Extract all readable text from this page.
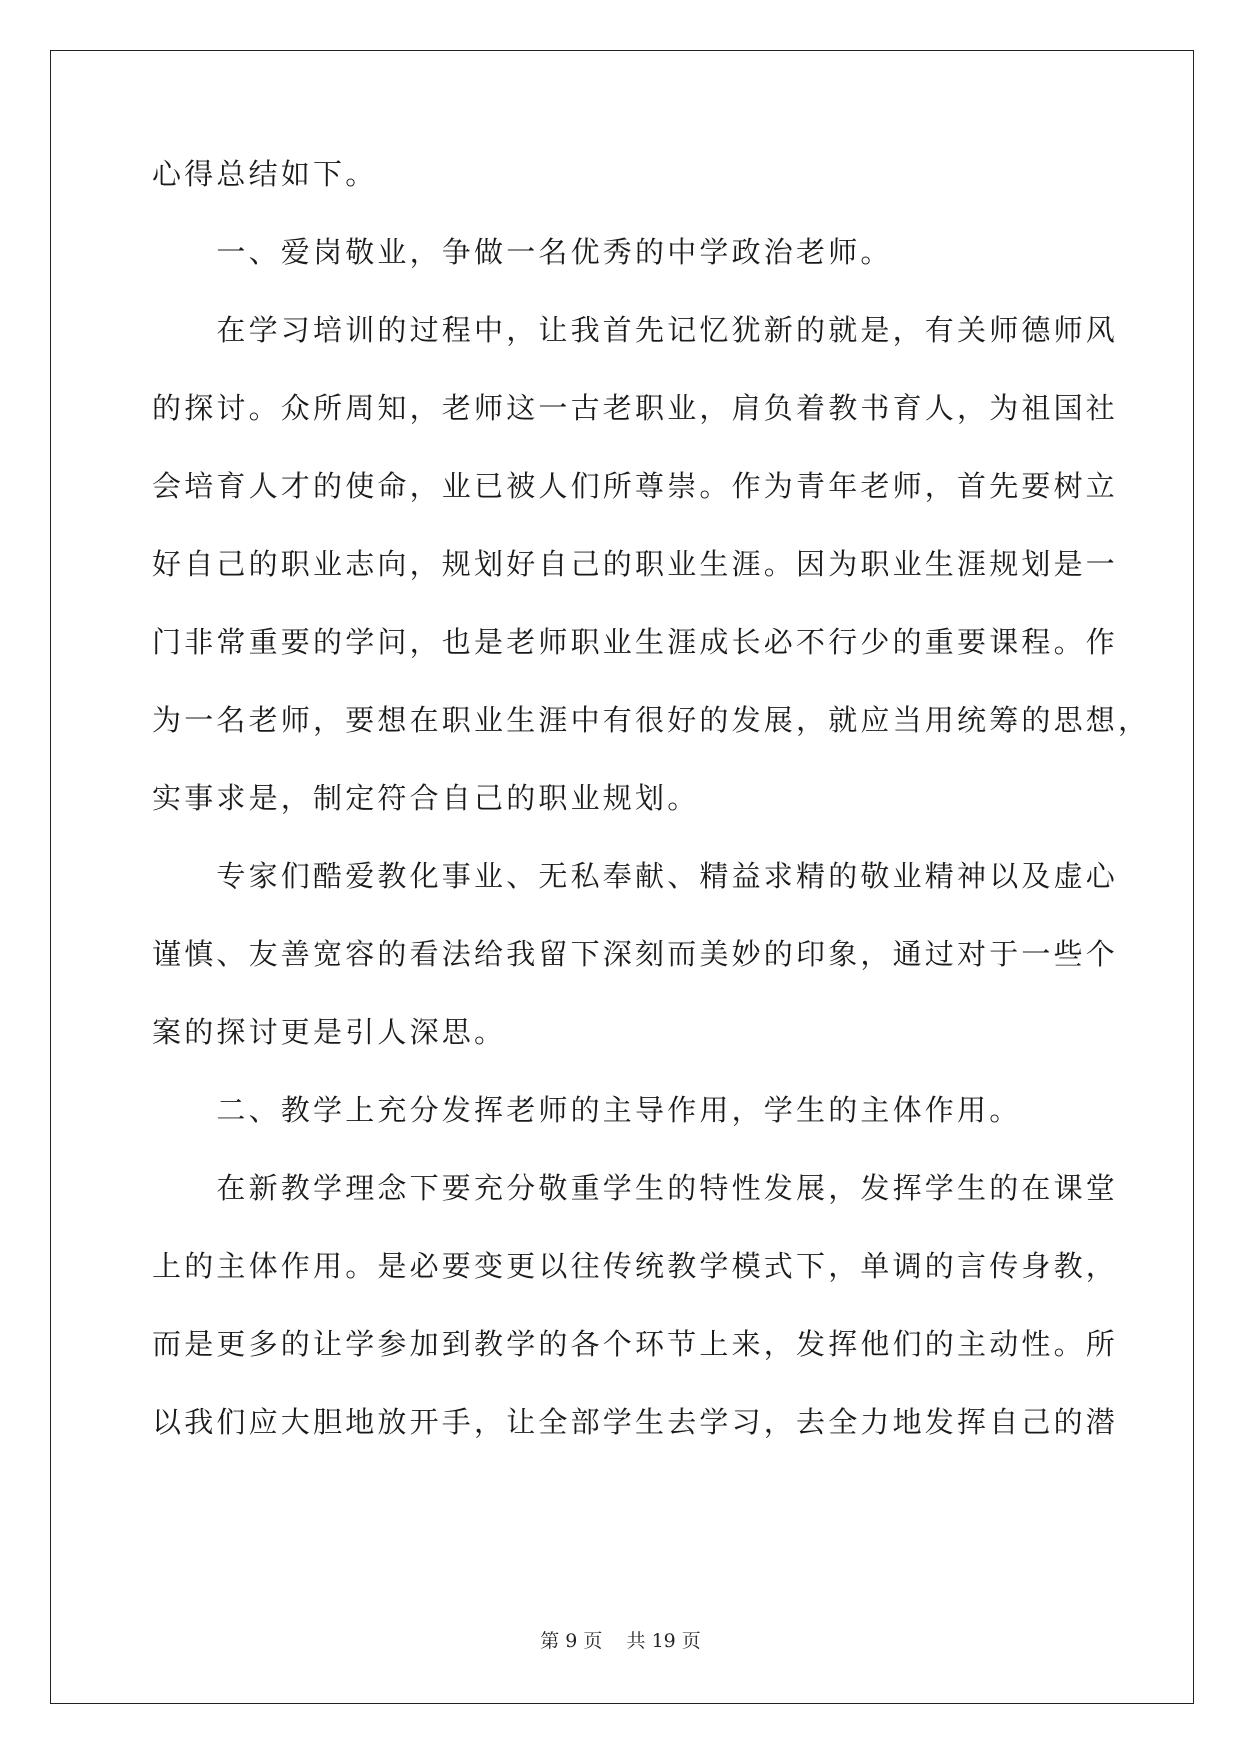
心得总结如下。
　　一、爱岗敬业，争做一名优秀的中学政治老师。
　　在学习培训的过程中，让我首先记忆犹新的就是，有关师德师风
的探讨。众所周知，老师这一古老职业，肩负着教书育人，为祖国社
会培育人才的使命，业已被人们所尊崇。作为青年老师，首先要树立
好自己的职业志向，规划好自己的职业生涯。因为职业生涯规划是一
门非常重要的学问，也是老师职业生涯成长必不行少的重要课程。作
为一名老师，要想在职业生涯中有很好的发展，就应当用统筹的思想，
实事求是，制定符合自己的职业规划。
　　专家们酷爱教化事业、无私奉献、精益求精的敬业精神以及虚心
谨慎、友善宽容的看法给我留下深刻而美妙的印象，通过对于一些个
案的探讨更是引人深思。
　　二、教学上充分发挥老师的主导作用，学生的主体作用。
　　在新教学理念下要充分敬重学生的特性发展，发挥学生的在课堂
上的主体作用。是必要变更以往传统教学模式下，单调的言传身教，
而是更多的让学参加到教学的各个环节上来，发挥他们的主动性。所
以我们应大胆地放开手，让全部学生去学习，去全力地发挥自己的潜
第 9 页 共 19 页
